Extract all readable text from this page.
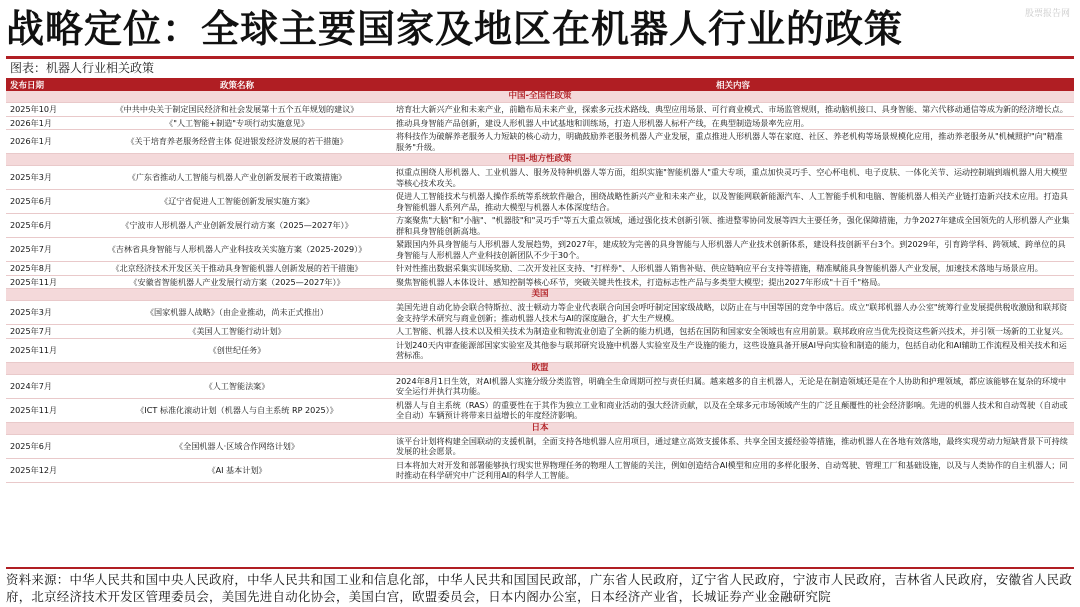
战略定位：全球主要国家及地区在机器人行业的政策	股票报告网
图表：机器人行业相关政策
发布日期	政策名称	相关内容
中国-全国性政策		
2025年10月	《中共中央关于制定国民经济和社会发展第十五个五年规划的建议》	培育壮大新兴产业和未来产业，前瞻布局未来产业，探索多元技术路线、典型应用场景、可行商业模式、市场监管规则，推动脑机接口、具身智能、第六代移动通信等成为新的经济增长点。
2026年1月	《"人工智能+制造"专项行动实施意见》	推动具身智能产品创新，建设人形机器人中试基地和训练场，打造人形机器人标杆产线，在典型制造场景率先应用。
2026年1月	《关于培育养老服务经营主体 促进银发经济发展的若干措施》	将科技作为破解养老服务人力短缺的核心动力，明确鼓励养老服务机器人产业发展，重点推进人形机器人等在家庭、社区、养老机构等场景规模化应用，推动养老服务从"机械照护"向"精准服务"升级。
中国-地方性政策		
2025年3月	《广东省推动人工智能与机器人产业创新发展若干政策措施》	拟重点围绕人形机器人、工业机器人、服务及特种机器人等方面，组织实施"智能机器人"重大专项，重点加快灵巧手、空心杯电机、电子皮肤、一体化关节、运动控制端到端机器人用大模型等核心技术攻关。
2025年6月	《辽宁省促进人工智能创新发展实施方案》	促进人工智能技术与机器人操作系统等系统软件融合，围绕战略性新兴产业和未来产业，以及智能网联新能源汽车、人工智能手机和电脑、智能机器人相关产业链打造新兴技术应用。打造具身智能机器人系列产品，推动大模型与机器人本体深度结合。
2025年6月	《宁波市人形机器人产业创新发展行动方案（2025—2027年）》	方案聚焦"大脑"和"小脑"、"机器肢"和"灵巧手"等五大重点领域，通过强化技术创新引领、推进整零协同发展等四大主要任务，强化保障措施，力争2027年建成全国领先的人形机器人产业集群和具身智能创新高地。
2025年7月	《吉林省具身智能与人形机器人产业科技攻关实施方案（2025-2029）》	紧跟国内外具身智能与人形机器人发展趋势，到2027年，建成较为完善的具身智能与人形机器人产业技术创新体系，建设科技创新平台3个。到2029年，引育跨学科、跨领域、跨单位的具身智能与人形机器人产业科技创新团队不少于30个。
2025年8月	《北京经济技术开发区关于推动具身智能机器人创新发展的若干措施》	针对性推出数据采集实训场奖励、二次开发社区支持、"打样券"、人形机器人销售补贴、供应链响应平台支持等措施，精准赋能具身智能机器人产业发展，加速技术落地与场景应用。
2025年11月	《安徽省智能机器人产业发展行动方案（2025—2027年）》	聚焦智能机器人本体设计、感知控制等核心环节，突破关键共性技术，打造标志性产品与多类型大模型；提出2027年形成"十百千"格局。
美国		
2025年3月	《国家机器人战略》（由企业推动，尚未正式推出）	美国先进自动化协会联合特斯拉、波士顿动力等企业代表联合向国会呼吁制定国家级战略，以防止在与中国等国的竞争中落后。成立"联邦机器人办公室"统筹行业发展提供税收激励和联邦资金支持学术研究与商业创新；推动机器人技术与AI的深度融合，扩大生产规模。
2025年7月	《美国人工智能行动计划》	人工智能、机器人技术以及相关技术为制造业和物流业创造了全新的能力机遇，包括在国防和国家安全领域也有应用前景。联邦政府应当优先投资这些新兴技术，并引领一场新的工业复兴。
2025年11月	《创世纪任务》	计划240天内审查能源部国家实验室及其他参与联邦研究设施中机器人实验室及生产设施的能力，这些设施具备开展AI导向实验和制造的能力，包括自动化和AI辅助工作流程及相关技术和运营标准。
欧盟		
2024年7月	《人工智能法案》	2024年8月1日生效，对AI机器人实施分级分类监管，明确全生命周期可控与责任归属。越来越多的自主机器人，无论是在制造领域还是在个人协助和护理领域，都应该能够在复杂的环境中安全运行并执行其功能。
2025年11月	《ICT 标准化滚动计划（机器人与自主系统 RP 2025）》	机器人与自主系统（RAS）的重要性在于其作为独立工业和商业活动的强大经济贡献，以及在全球多元市场领域产生的广泛且颠覆性的社会经济影响。先进的机器人技术和自动驾驶（自动或全自动）车辆预计将带来日益增长的年度经济影响。
日本		
2025年6月	《全国机器人·区域合作网络计划》	该平台计划将构建全国联动的支援机制，全面支持各地机器人应用项目，通过建立高效支援体系、共享全国支援经验等措施，推动机器人在各地有效落地，最终实现劳动力短缺背景下可持续发展的社会愿景。
2025年12月	《AI 基本计划》	日本将加大对开发和部署能够执行现实世界物理任务的物理人工智能的关注，例如创造结合AI模型和应用的多样化服务、自动驾驶、管理工厂和基础设施，以及与人类协作的自主机器人；同时推动在科学研究中广泛利用AI的科学人工智能。
资料来源：中华人民共和国中央人民政府，中华人民共和国工业和信息化部，中华人民共和国国民政部，广东省人民政府，辽宁省人民政府，宁波市人民政府，吉林省人民政府，安徽省人民政府，北京经济技术开发区管理委员会，美国先进自动化协会，美国白宫，欧盟委员会，日本内阁办公室，日本经济产业省，长城证券产业金融研究院
